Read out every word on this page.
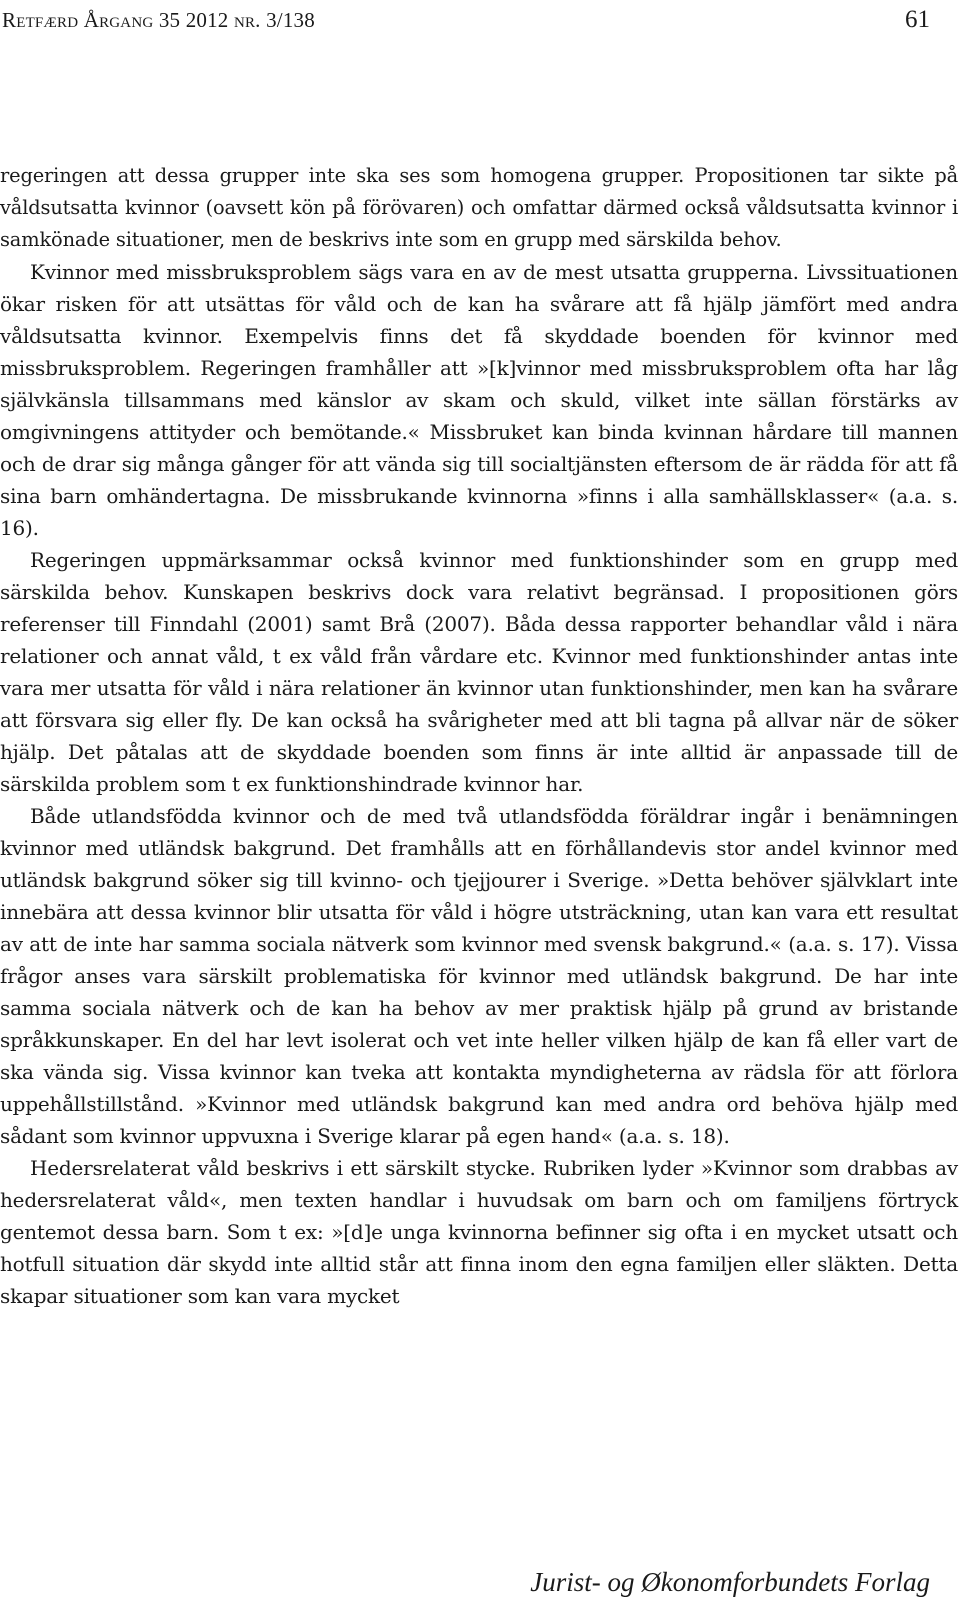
Retfærd Årgang 35 2012 nr. 3/138	61

regeringen att dessa grupper inte ska ses som homogena grupper. Propositionen tar sikte på våldsutsatta kvinnor (oavsett kön på förövaren) och omfattar därmed också våldsutsatta kvinnor i samkönade situationer, men de beskrivs inte som en grupp med särskilda behov.

Kvinnor med missbruksproblem sägs vara en av de mest utsatta grupperna. Livssituationen ökar risken för att utsättas för våld och de kan ha svårare att få hjälp jämfört med andra våldsutsatta kvinnor. Exempelvis finns det få skyddade boenden för kvinnor med missbruksproblem. Regeringen framhåller att »[k]vinnor med missbruksproblem ofta har låg självkänsla tillsammans med känslor av skam och skuld, vilket inte sällan förstärks av omgivningens attityder och bemötande.« Missbruket kan binda kvinnan hårdare till mannen och de drar sig många gånger för att vända sig till socialtjänsten eftersom de är rädda för att få sina barn omhändertagna. De missbrukande kvinnorna »finns i alla samhällsklasser« (a.a. s. 16).

Regeringen uppmärksammar också kvinnor med funktionshinder som en grupp med särskilda behov. Kunskapen beskrivs dock vara relativt begränsad. I propositionen görs referenser till Finndahl (2001) samt Brå (2007). Båda dessa rapporter behandlar våld i nära relationer och annat våld, t ex våld från vårdare etc. Kvinnor med funktionshinder antas inte vara mer utsatta för våld i nära relationer än kvinnor utan funktionshinder, men kan ha svårare att försvara sig eller fly. De kan också ha svårigheter med att bli tagna på allvar när de söker hjälp. Det påtalas att de skyddade boenden som finns är inte alltid är anpassade till de särskilda problem som t ex funktionshindrade kvinnor har.

Både utlandsfödda kvinnor och de med två utlandsfödda föräldrar ingår i benämningen kvinnor med utländsk bakgrund. Det framhålls att en förhållandevis stor andel kvinnor med utländsk bakgrund söker sig till kvinno- och tjejjourer i Sverige. »Detta behöver självklart inte innebära att dessa kvinnor blir utsatta för våld i högre utsträckning, utan kan vara ett resultat av att de inte har samma sociala nätverk som kvinnor med svensk bakgrund.« (a.a. s. 17). Vissa frågor anses vara särskilt problematiska för kvinnor med utländsk bakgrund. De har inte samma sociala nätverk och de kan ha behov av mer praktisk hjälp på grund av bristande språkkunskaper. En del har levt isolerat och vet inte heller vilken hjälp de kan få eller vart de ska vända sig. Vissa kvinnor kan tveka att kontakta myndigheterna av rädsla för att förlora uppehållstillstånd. »Kvinnor med utländsk bakgrund kan med andra ord behöva hjälp med sådant som kvinnor uppvuxna i Sverige klarar på egen hand« (a.a. s. 18).

Hedersrelaterat våld beskrivs i ett särskilt stycke. Rubriken lyder »Kvinnor som drabbas av hedersrelaterat våld«, men texten handlar i huvudsak om barn och om familjens förtryck gentemot dessa barn. Som t ex: »[d]e unga kvinnorna befinner sig ofta i en mycket utsatt och hotfull situation där skydd inte alltid står att finna inom den egna familjen eller släkten. Detta skapar situationer som kan vara mycket

Jurist- og Økonomforbundets Forlag
